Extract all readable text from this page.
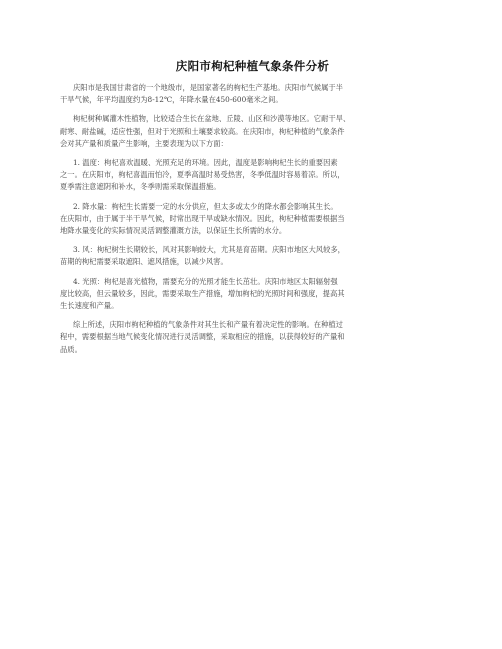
庆阳市枸杞种植气象条件分析

庆阳市是我国甘肃省的一个地级市，是国家著名的枸杞生产基地。庆阳市气候属于半
干旱气候，年平均温度约为8-12℃，年降水量在450-600毫米之间。

枸杞树种属灌木性植物，比较适合生长在盆地、丘陵、山区和沙漠等地区。它耐干旱、
耐寒、耐盐碱，适应性强，但对于光照和土壤要求较高。在庆阳市，枸杞种植的气象条件
会对其产量和质量产生影响，主要表现为以下方面：

1. 温度：枸杞喜欢温暖、光照充足的环境。因此，温度是影响枸杞生长的重要因素
之一。在庆阳市，枸杞喜温而怕冷，夏季高温时易受热害，冬季低温时容易着凉。所以，
夏季需注意遮阴和补水，冬季则需采取保温措施。

2. 降水量：枸杞生长需要一定的水分供应，但太多或太少的降水都会影响其生长。
在庆阳市，由于属于半干旱气候，时常出现干旱或缺水情况。因此，枸杞种植需要根据当
地降水量变化的实际情况灵活调整灌溉方法，以保证生长所需的水分。

3. 风：枸杞树生长期较长，风对其影响较大，尤其是育苗期。庆阳市地区大风较多，
苗期的枸杞需要采取遮阳、遮风措施，以减少风害。

4. 光照：枸杞是喜光植物，需要充分的光照才能生长茁壮。庆阳市地区太阳辐射强
度比较高，但云量较多，因此，需要采取生产措施，增加枸杞的光照时间和强度，提高其
生长速度和产量。

综上所述，庆阳市枸杞种植的气象条件对其生长和产量有着决定性的影响。在种植过
程中，需要根据当地气候变化情况进行灵活调整，采取相应的措施，以获得较好的产量和
品质。
